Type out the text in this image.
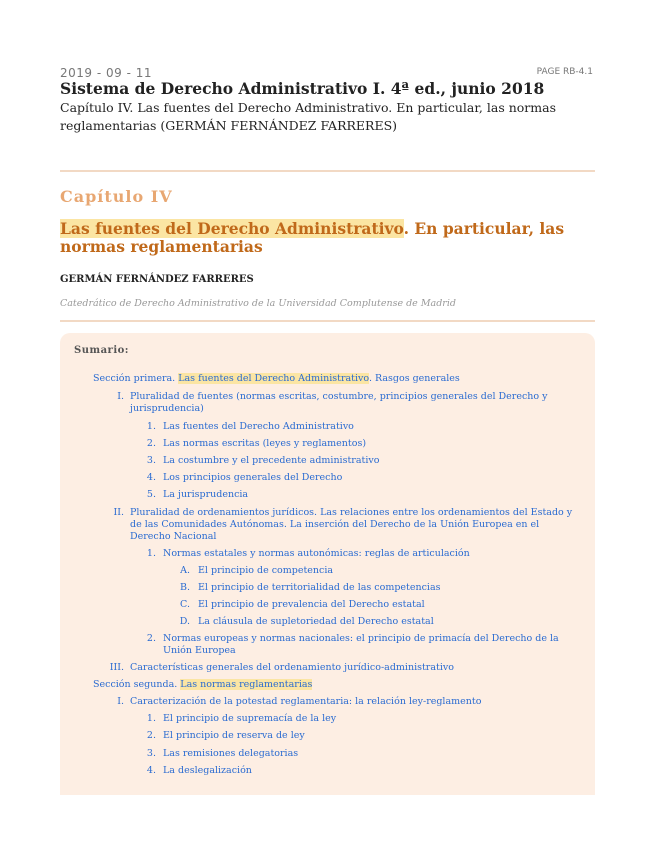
2019 - 09 - 11	PAGE RB-4.1
Sistema de Derecho Administrativo I. 4ª ed., junio 2018
Capítulo IV. Las fuentes del Derecho Administrativo. En particular, las normas reglamentarias (GERMÁN FERNÁNDEZ FARRERES)
Capítulo IV
Las fuentes del Derecho Administrativo. En particular, las normas reglamentarias
GERMÁN FERNÁNDEZ FARRERES
Catedrático de Derecho Administrativo de la Universidad Complutense de Madrid
Sumario:
Sección primera. Las fuentes del Derecho Administrativo. Rasgos generales
I. Pluralidad de fuentes (normas escritas, costumbre, principios generales del Derecho y jurisprudencia)
1. Las fuentes del Derecho Administrativo
2. Las normas escritas (leyes y reglamentos)
3. La costumbre y el precedente administrativo
4. Los principios generales del Derecho
5. La jurisprudencia
II. Pluralidad de ordenamientos jurídicos. Las relaciones entre los ordenamientos del Estado y de las Comunidades Autónomas. La inserción del Derecho de la Unión Europea en el Derecho Nacional
1. Normas estatales y normas autonómicas: reglas de articulación
A. El principio de competencia
B. El principio de territorialidad de las competencias
C. El principio de prevalencia del Derecho estatal
D. La cláusula de supletoriedad del Derecho estatal
2. Normas europeas y normas nacionales: el principio de primacía del Derecho de la Unión Europea
III. Características generales del ordenamiento jurídico-administrativo
Sección segunda. Las normas reglamentarias
I. Caracterización de la potestad reglamentaria: la relación ley-reglamento
1. El principio de supremacía de la ley
2. El principio de reserva de ley
3. Las remisiones delegatorias
4. La deslegalización
